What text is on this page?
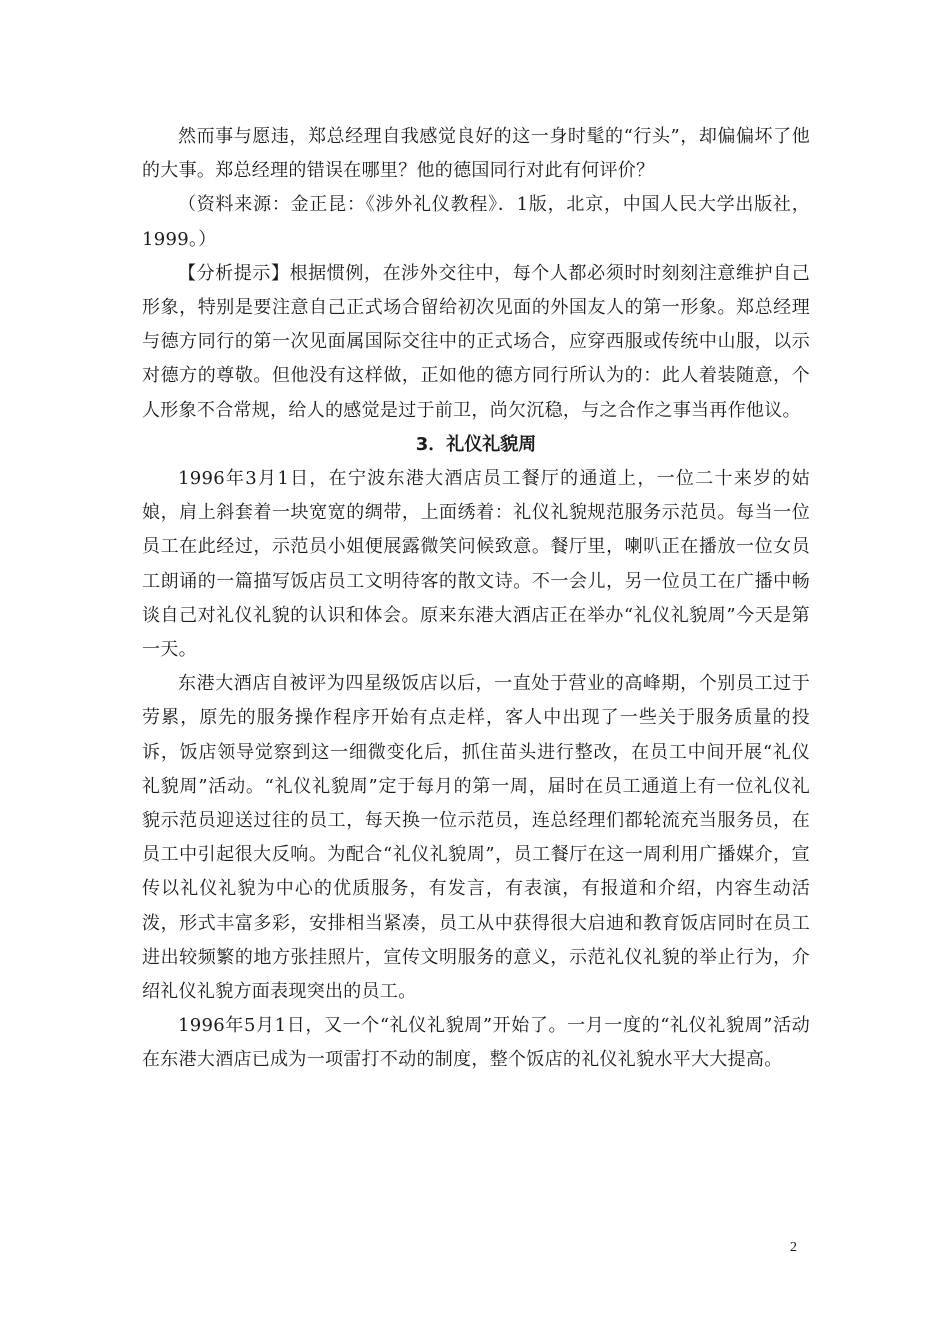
然而事与愿违，郑总经理自我感觉良好的这一身时髦的“行头”，却偏偏坏了他的大事。郑总经理的错误在哪里？他的德国同行对此有何评价？

（资料来源：金正昆：《涉外礼仪教程》．1版，北京，中国人民大学出版社，1999。）

【分析提示】根据惯例，在涉外交往中，每个人都必须时时刻刻注意维护自己形象，特别是要注意自己正式场合留给初次见面的外国友人的第一形象。郑总经理与德方同行的第一次见面属国际交往中的正式场合，应穿西服或传统中山服，以示对德方的尊敬。但他没有这样做，正如他的德方同行所认为的：此人着装随意，个人形象不合常规，给人的感觉是过于前卫，尚欠沉稳，与之合作之事当再作他议。

3．礼仪礼貌周

1996年3月1日，在宁波东港大酒店员工餐厅的通道上，一位二十来岁的姑娘，肩上斜套着一块宽宽的绸带，上面绣着：礼仪礼貌规范服务示范员。每当一位员工在此经过，示范员小姐便展露微笑问候致意。餐厅里，喇叭正在播放一位女员工朗诵的一篇描写饭店员工文明待客的散文诗。不一会儿，另一位员工在广播中畅谈自己对礼仪礼貌的认识和体会。原来东港大酒店正在举办“礼仪礼貌周”今天是第一天。

东港大酒店自被评为四星级饭店以后，一直处于营业的高峰期，个别员工过于劳累，原先的服务操作程序开始有点走样，客人中出现了一些关于服务质量的投诉，饭店领导觉察到这一细微变化后，抓住苗头进行整改，在员工中间开展“礼仪礼貌周”活动。“礼仪礼貌周”定于每月的第一周，届时在员工通道上有一位礼仪礼貌示范员迎送过往的员工，每天换一位示范员，连总经理们都轮流充当服务员，在员工中引起很大反响。为配合“礼仪礼貌周”，员工餐厅在这一周利用广播媒介，宣传以礼仪礼貌为中心的优质服务，有发言，有表演，有报道和介绍，内容生动活泼，形式丰富多彩，安排相当紧凑，员工从中获得很大启迪和教育饭店同时在员工进出较频繁的地方张挂照片，宣传文明服务的意义，示范礼仪礼貌的举止行为，介绍礼仪礼貌方面表现突出的员工。

1996年5月1日，又一个“礼仪礼貌周”开始了。一月一度的“礼仪礼貌周”活动在东港大酒店已成为一项雷打不动的制度，整个饭店的礼仪礼貌水平大大提高。

2
